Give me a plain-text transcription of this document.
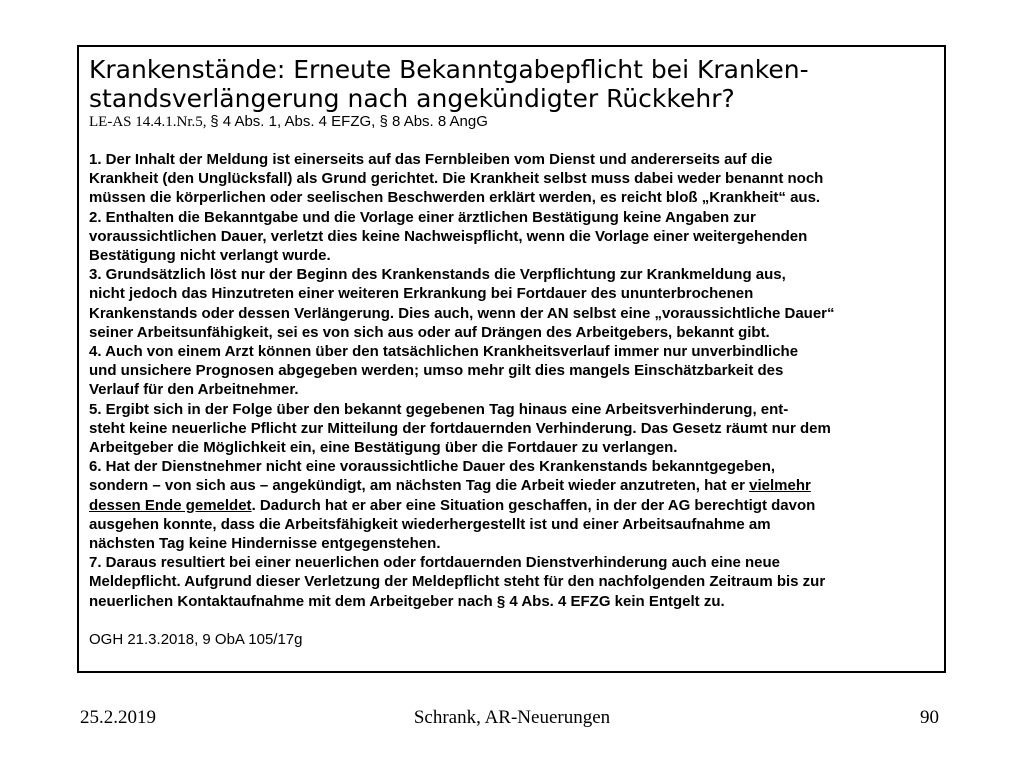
Krankenstände: Erneute Bekanntgabepflicht bei Kranken-
standsverlängerung nach angekündigter Rückkehr?

LE-AS 14.4.1.Nr.5, § 4 Abs. 1, Abs. 4 EFZG, § 8 Abs. 8 AngG

1. Der Inhalt der Meldung ist einerseits auf das Fernbleiben vom Dienst und andererseits auf die
Krankheit (den Unglücksfall) als Grund gerichtet. Die Krankheit selbst muss dabei weder benannt noch
müssen die körperlichen oder seelischen Beschwerden erklärt werden, es reicht bloß „Krankheit“ aus.
2. Enthalten die Bekanntgabe und die Vorlage einer ärztlichen Bestätigung keine Angaben zur
voraussichtlichen Dauer, verletzt dies keine Nachweispflicht, wenn die Vorlage einer weitergehenden
Bestätigung nicht verlangt wurde.
3. Grundsätzlich löst nur der Beginn des Krankenstands die Verpflichtung zur Krankmeldung aus,
nicht jedoch das Hinzutreten einer weiteren Erkrankung bei Fortdauer des ununterbrochenen
Krankenstands oder dessen Verlängerung. Dies auch, wenn der AN selbst eine „voraussichtliche Dauer“
seiner Arbeitsunfähigkeit, sei es von sich aus oder auf Drängen des Arbeitgebers, bekannt gibt.
4. Auch von einem Arzt können über den tatsächlichen Krankheitsverlauf immer nur unverbindliche
und unsichere Prognosen abgegeben werden; umso mehr gilt dies mangels Einschätzbarkeit des
Verlauf für den Arbeitnehmer.
5. Ergibt sich in der Folge über den bekannt gegebenen Tag hinaus eine Arbeitsverhinderung, ent-
steht keine neuerliche Pflicht zur Mitteilung der fortdauernden Verhinderung. Das Gesetz räumt nur dem
Arbeitgeber die Möglichkeit ein, eine Bestätigung über die Fortdauer zu verlangen.
6. Hat der Dienstnehmer nicht eine voraussichtliche Dauer des Krankenstands bekanntgegeben,
sondern – von sich aus – angekündigt, am nächsten Tag die Arbeit wieder anzutreten, hat er vielmehr
dessen Ende gemeldet. Dadurch hat er aber eine Situation geschaffen, in der der AG berechtigt davon
ausgehen konnte, dass die Arbeitsfähigkeit wiederhergestellt ist und einer Arbeitsaufnahme am
nächsten Tag keine Hindernisse entgegenstehen.
7. Daraus resultiert bei einer neuerlichen oder fortdauernden Dienstverhinderung auch eine neue
Meldepflicht. Aufgrund dieser Verletzung der Meldepflicht steht für den nachfolgenden Zeitraum bis zur
neuerlichen Kontaktaufnahme mit dem Arbeitgeber nach § 4 Abs. 4 EFZG kein Entgelt zu.
OGH 21.3.2018, 9 ObA 105/17g
25.2.2019	Schrank, AR-Neuerungen	90
